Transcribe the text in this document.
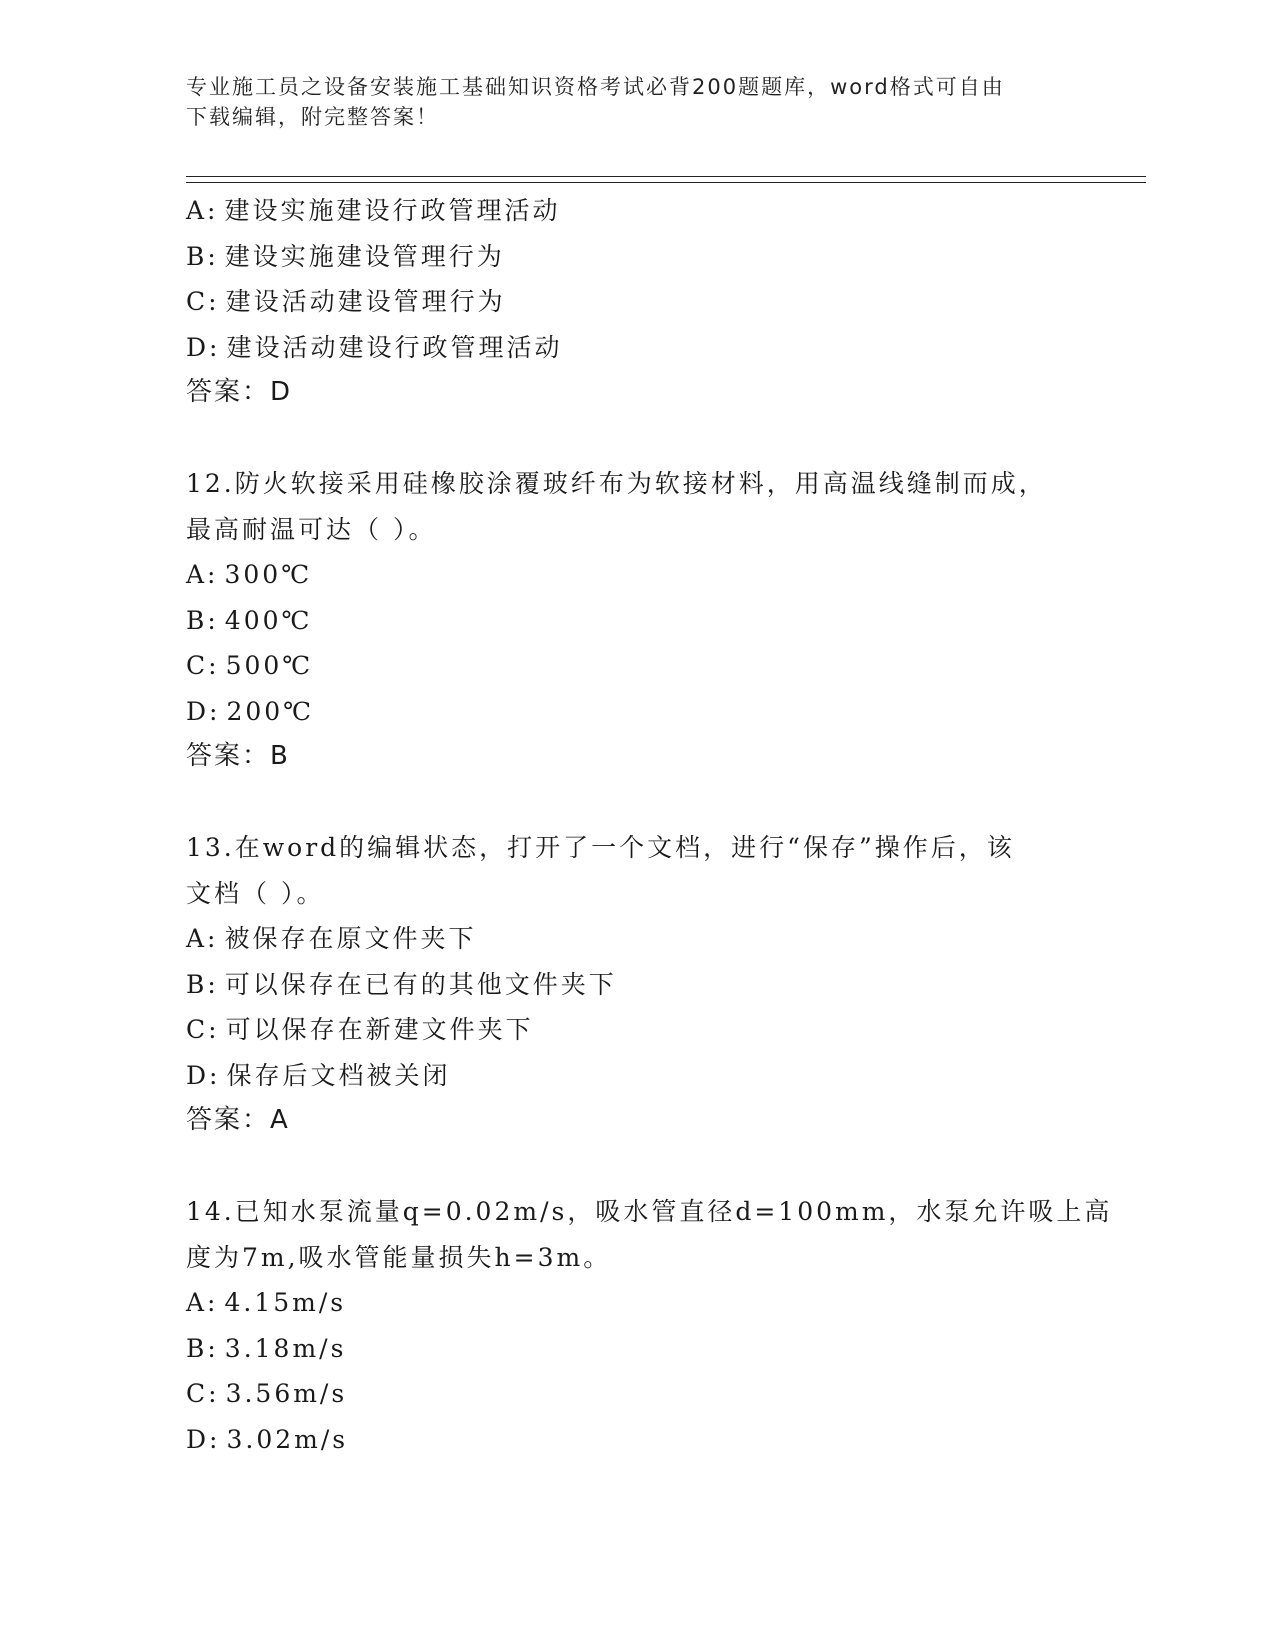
专业施工员之设备安装施工基础知识资格考试必背200题题库，word格式可自由
下载编辑，附完整答案！
A: 建设实施建设行政管理活动
B: 建设实施建设管理行为
C: 建设活动建设管理行为
D: 建设活动建设行政管理活动
答案：D
12.防火软接采用硅橡胶涂覆玻纤布为软接材料，用高温线缝制而成，
最高耐温可达（ ）。
A: 300℃
B: 400℃
C: 500℃
D: 200℃
答案：B
13.在word的编辑状态，打开了一个文档，进行“保存”操作后，该
文档（ ）。
A: 被保存在原文件夹下
B: 可以保存在已有的其他文件夹下
C: 可以保存在新建文件夹下
D: 保存后文档被关闭
答案：A
14.已知水泵流量q=0.02m/s，吸水管直径d=100mm，水泵允许吸上高
度为7m,吸水管能量损失h=3m。
A: 4.15m/s
B: 3.18m/s
C: 3.56m/s
D: 3.02m/s
